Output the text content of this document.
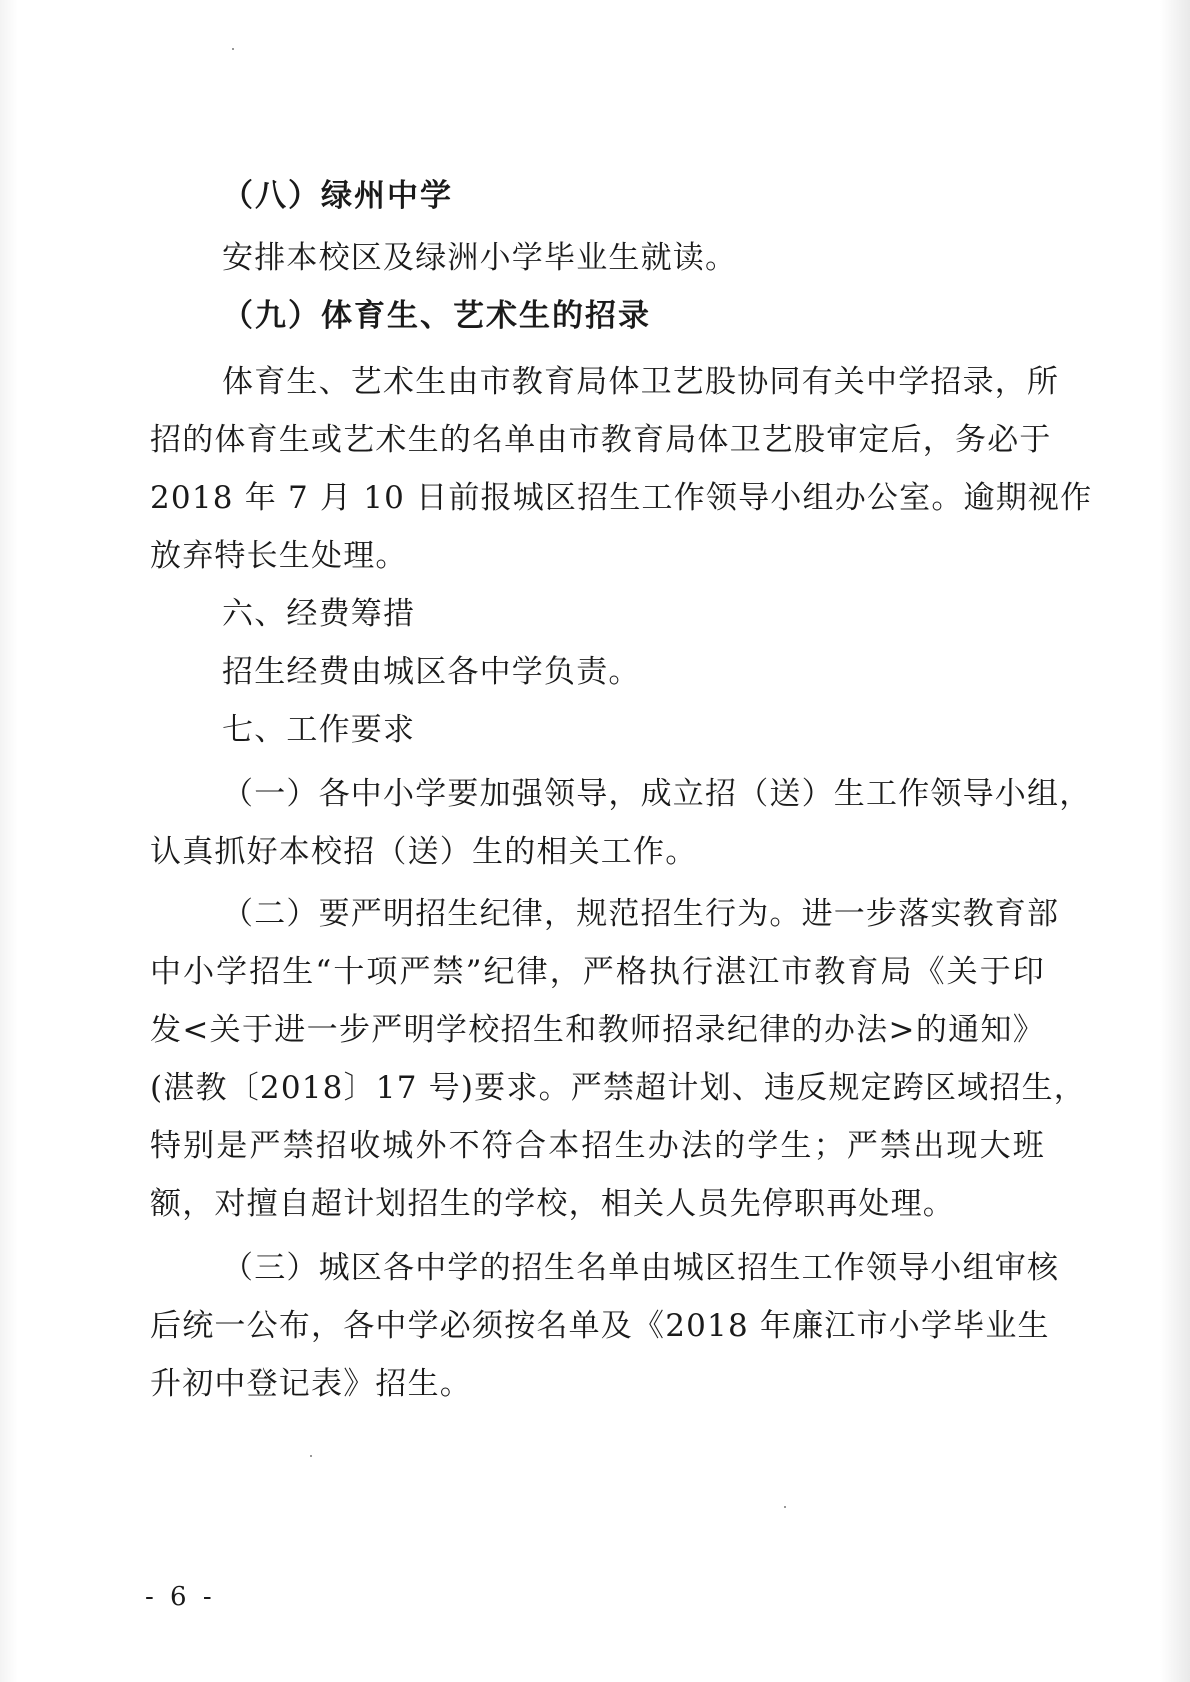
（八）绿州中学
安排本校区及绿洲小学毕业生就读。
（九）体育生、艺术生的招录
体育生、艺术生由市教育局体卫艺股协同有关中学招录，所
招的体育生或艺术生的名单由市教育局体卫艺股审定后，务必于
2018 年 7 月 10 日前报城区招生工作领导小组办公室。逾期视作
放弃特长生处理。
六、经费筹措
招生经费由城区各中学负责。
七、工作要求
（一）各中小学要加强领导，成立招（送）生工作领导小组，
认真抓好本校招（送）生的相关工作。
（二）要严明招生纪律，规范招生行为。进一步落实教育部
中小学招生“十项严禁”纪律，严格执行湛江市教育局《关于印
发<关于进一步严明学校招生和教师招录纪律的办法>的通知》
(湛教〔2018〕17 号)要求。严禁超计划、违反规定跨区域招生，
特别是严禁招收城外不符合本招生办法的学生；严禁出现大班
额，对擅自超计划招生的学校，相关人员先停职再处理。
（三）城区各中学的招生名单由城区招生工作领导小组审核
后统一公布，各中学必须按名单及《2018 年廉江市小学毕业生
升初中登记表》招生。
- 6 -
